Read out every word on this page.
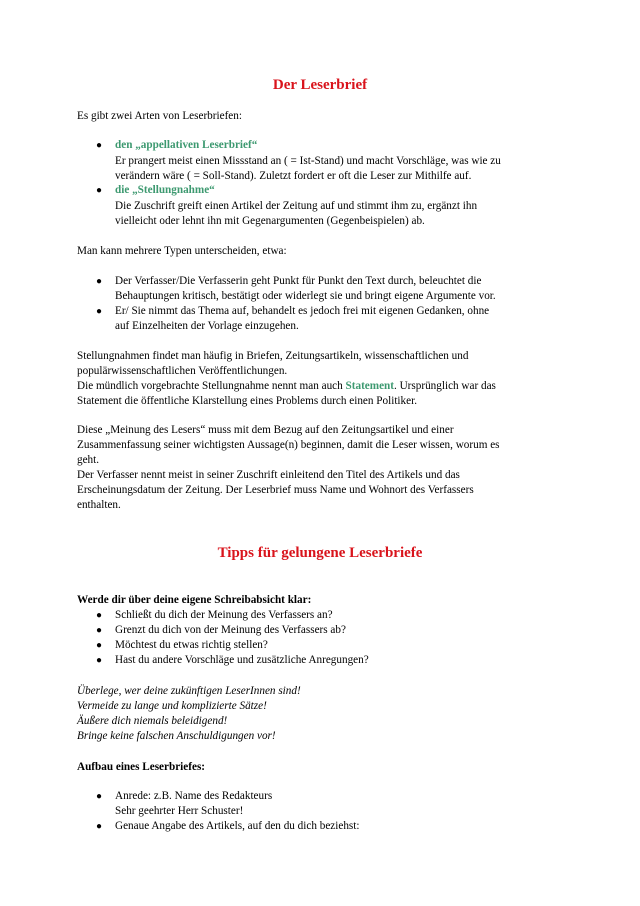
Der Leserbrief
Es gibt zwei Arten von Leserbriefen:
● den „appellativen Leserbrief“
Er prangert meist einen Missstand an ( = Ist-Stand) und macht Vorschläge, was wie zu
verändern wäre ( = Soll-Stand). Zuletzt fordert er oft die Leser zur Mithilfe auf.
● die „Stellungnahme“
Die Zuschrift greift einen Artikel der Zeitung auf und stimmt ihm zu, ergänzt ihn
vielleicht oder lehnt ihn mit Gegenargumenten (Gegenbeispielen) ab.
Man kann mehrere Typen unterscheiden, etwa:
● Der Verfasser/Die Verfasserin geht Punkt für Punkt den Text durch, beleuchtet die
Behauptungen kritisch, bestätigt oder widerlegt sie und bringt eigene Argumente vor.
● Er/ Sie nimmt das Thema auf, behandelt es jedoch frei mit eigenen Gedanken, ohne
auf Einzelheiten der Vorlage einzugehen.
Stellungnahmen findet man häufig in Briefen, Zeitungsartikeln, wissenschaftlichen und
populärwissenschaftlichen Veröffentlichungen.
Die mündlich vorgebrachte Stellungnahme nennt man auch Statement. Ursprünglich war das
Statement die öffentliche Klarstellung eines Problems durch einen Politiker.
Diese „Meinung des Lesers“ muss mit dem Bezug auf den Zeitungsartikel und einer
Zusammenfassung seiner wichtigsten Aussage(n) beginnen, damit die Leser wissen, worum es
geht.
Der Verfasser nennt meist in seiner Zuschrift einleitend den Titel des Artikels und das
Erscheinungsdatum der Zeitung. Der Leserbrief muss Name und Wohnort des Verfassers
enthalten.
Tipps für gelungene Leserbriefe
Werde dir über deine eigene Schreibabsicht klar:
● Schließt du dich der Meinung des Verfassers an?
● Grenzt du dich von der Meinung des Verfassers ab?
● Möchtest du etwas richtig stellen?
● Hast du andere Vorschläge und zusätzliche Anregungen?
Überlege, wer deine zukünftigen LeserInnen sind!
Vermeide zu lange und komplizierte Sätze!
Äußere dich niemals beleidigend!
Bringe keine falschen Anschuldigungen vor!
Aufbau eines Leserbriefes:
● Anrede: z.B. Name des Redakteurs
Sehr geehrter Herr Schuster!
● Genaue Angabe des Artikels, auf den du dich beziehst:
